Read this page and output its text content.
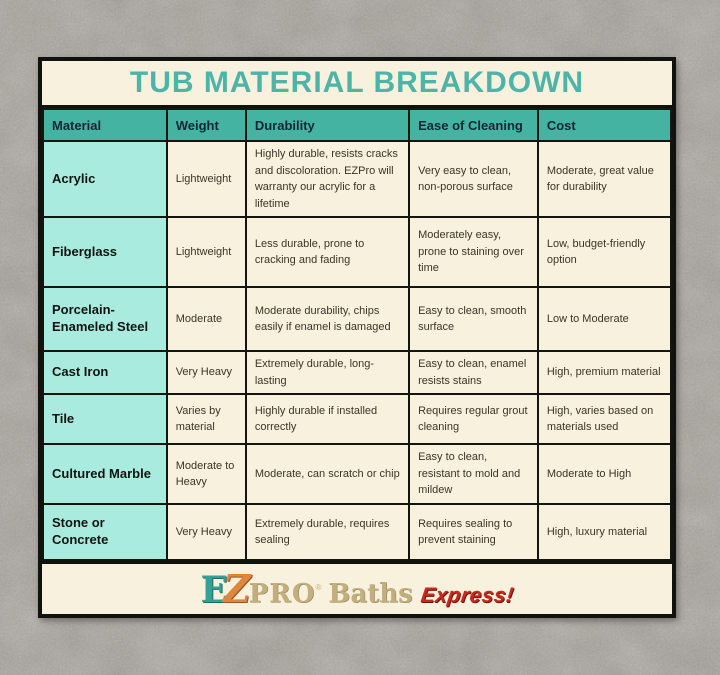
TUB MATERIAL BREAKDOWN
Material	Weight	Durability	Ease of Cleaning	Cost
Acrylic	Lightweight	Highly durable, resists cracks and discoloration. EZPro will warranty our acrylic for a lifetime	Very easy to clean, non-porous surface	Moderate, great value for durability
Fiberglass	Lightweight	Less durable, prone to cracking and fading	Moderately easy, prone to staining over time	Low, budget-friendly option
Porcelain-Enameled Steel	Moderate	Moderate durability, chips easily if enamel is damaged	Easy to clean, smooth surface	Low to Moderate
Cast Iron	Very Heavy	Extremely durable, long-lasting	Easy to clean, enamel resists stains	High, premium material
Tile	Varies by material	Highly durable if installed correctly	Requires regular grout cleaning	High, varies based on materials used
Cultured Marble	Moderate to Heavy	Moderate, can scratch or chip	Easy to clean, resistant to mold and mildew	Moderate to High
Stone or Concrete	Very Heavy	Extremely durable, requires sealing	Requires sealing to prevent staining	High, luxury material
E
Z
PRO ® Baths Express!
